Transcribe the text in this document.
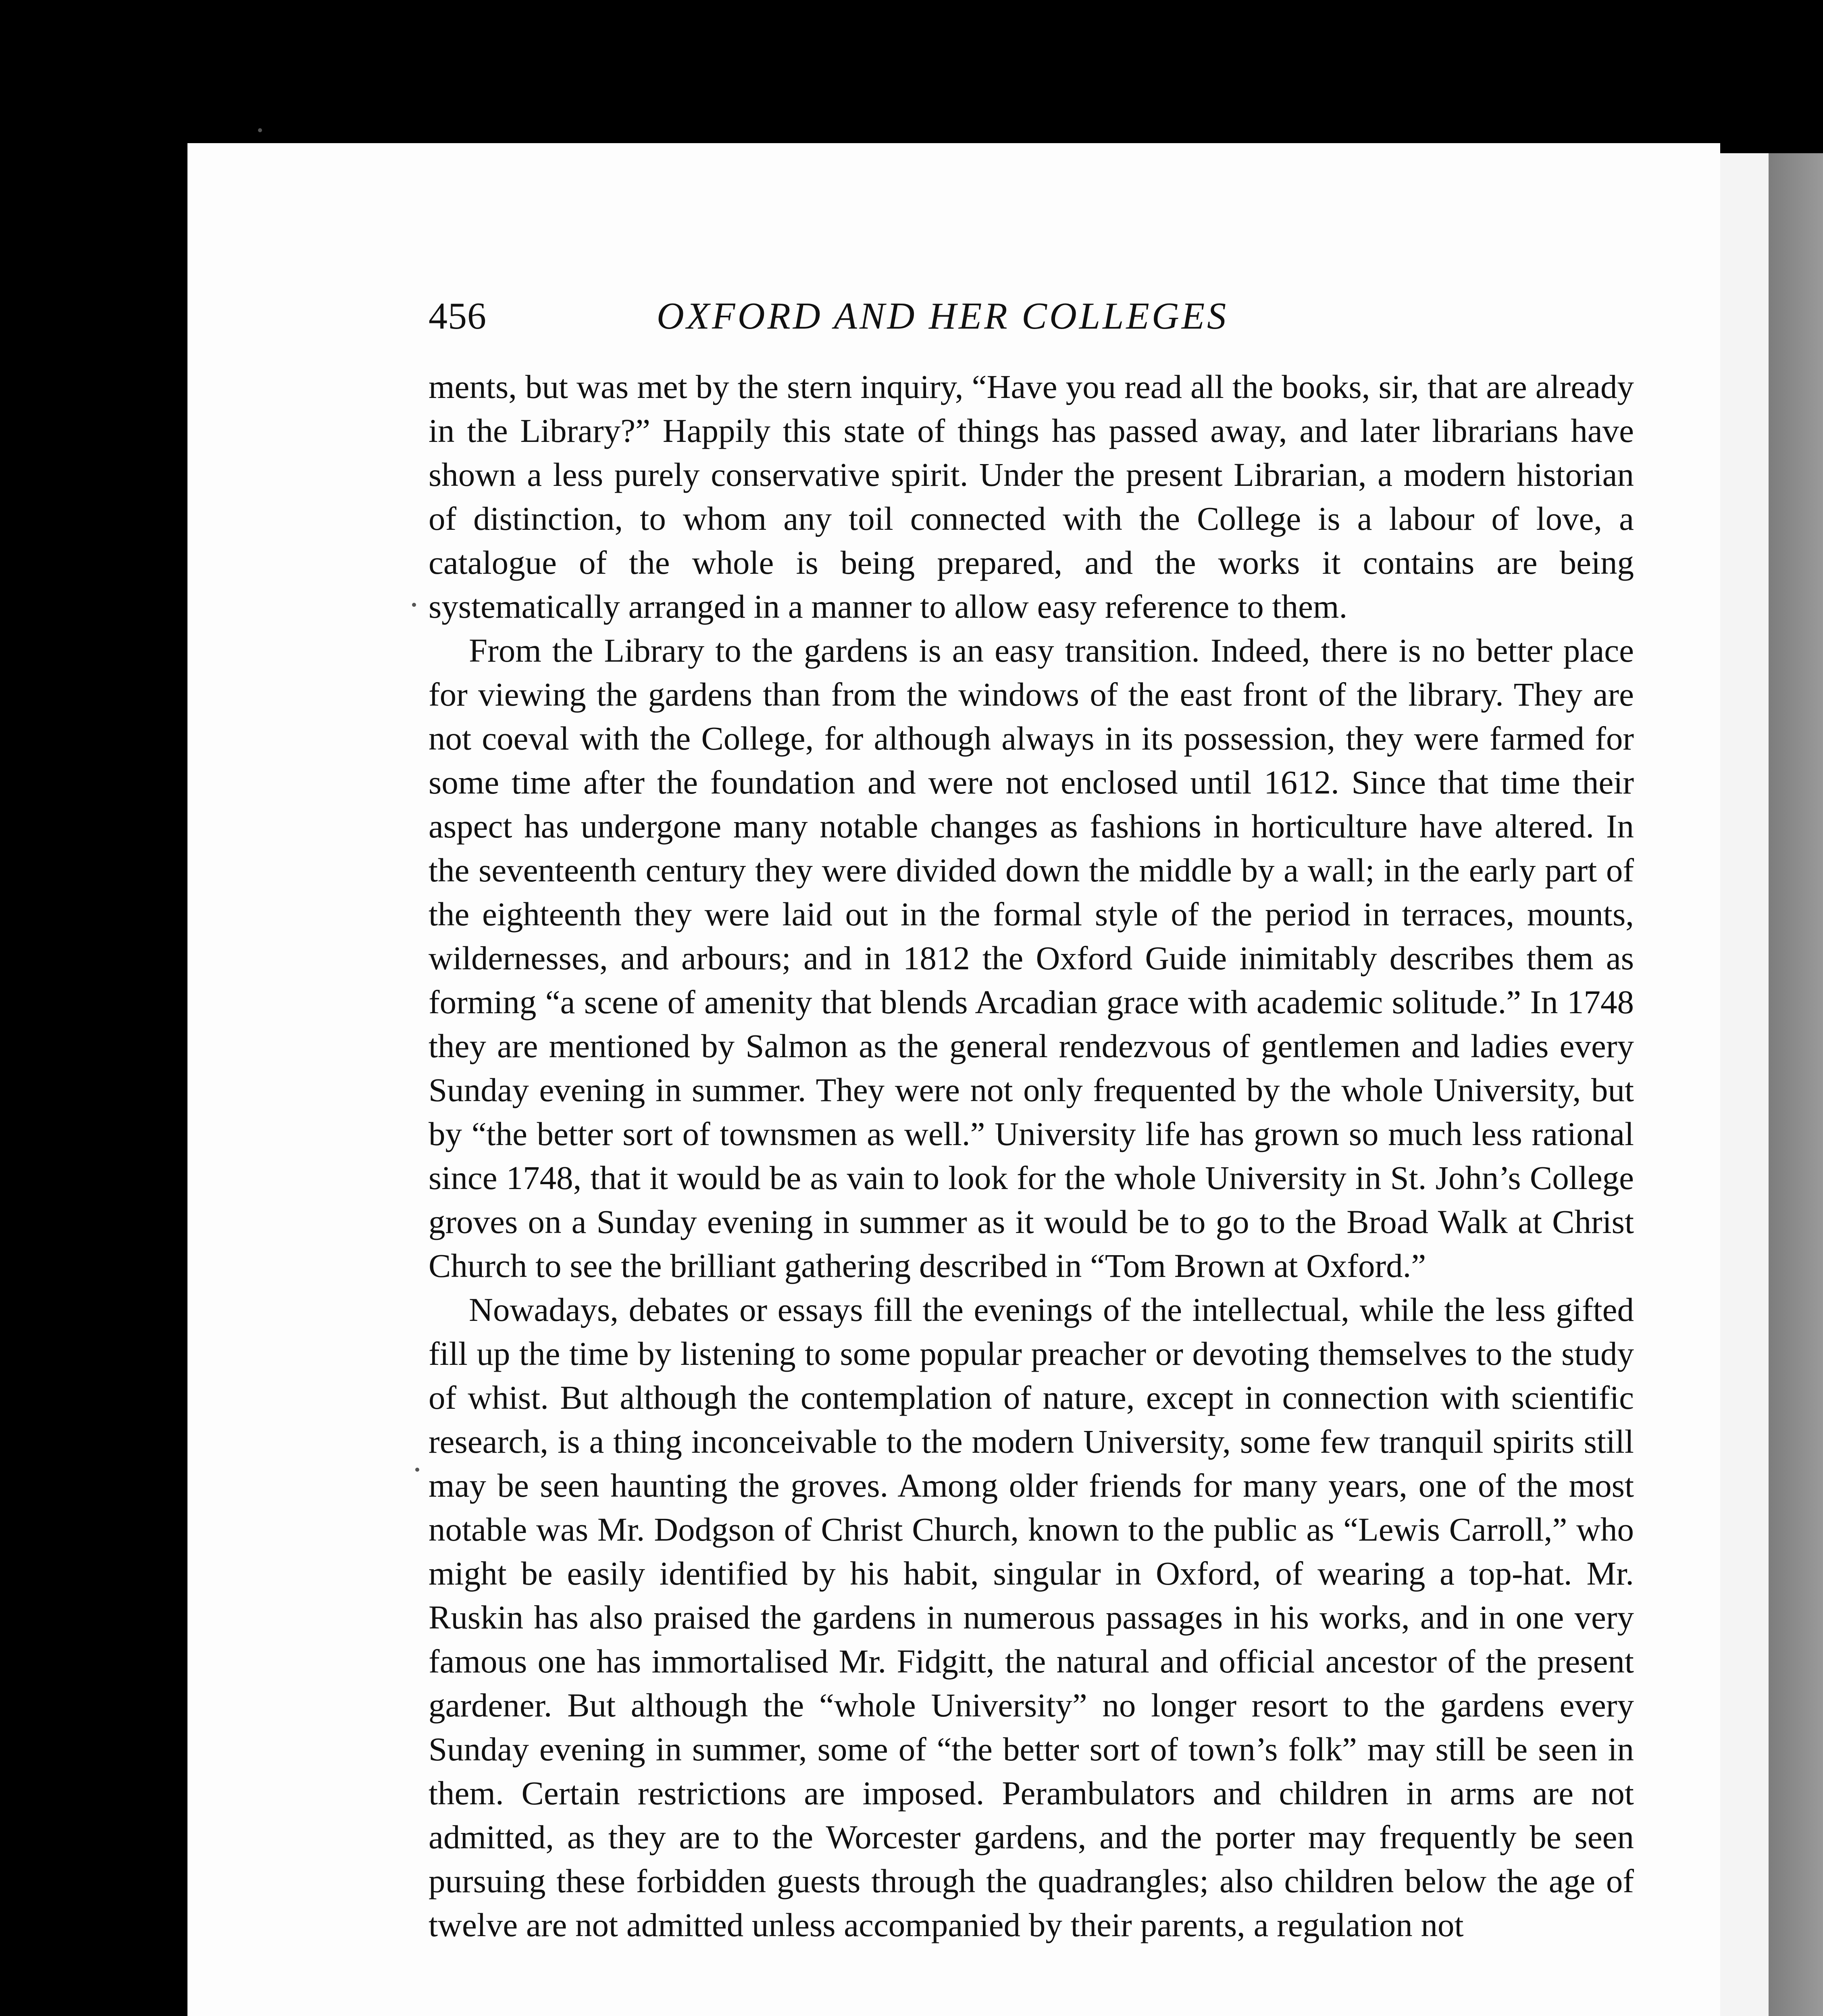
456	OXFORD AND HER COLLEGES

ments, but was met by the stern inquiry, “Have you read all the books, sir, that are already in the Library?” Happily this state of things has passed away, and later librarians have shown a less purely conservative spirit. Under the present Librarian, a modern historian of distinction, to whom any toil connected with the College is a labour of love, a catalogue of the whole is being prepared, and the works it contains are being systematically arranged in a manner to allow easy reference to them.

From the Library to the gardens is an easy transition. Indeed, there is no better place for viewing the gardens than from the windows of the east front of the library. They are not coeval with the College, for although always in its possession, they were farmed for some time after the foundation and were not enclosed until 1612. Since that time their aspect has undergone many notable changes as fashions in horticulture have altered. In the seventeenth century they were divided down the middle by a wall; in the early part of the eighteenth they were laid out in the formal style of the period in terraces, mounts, wildernesses, and arbours; and in 1812 the Oxford Guide inimitably describes them as forming “a scene of amenity that blends Arcadian grace with academic solitude.” In 1748 they are mentioned by Salmon as the general rendezvous of gentlemen and ladies every Sunday evening in summer. They were not only frequented by the whole University, but by “the better sort of townsmen as well.” University life has grown so much less rational since 1748, that it would be as vain to look for the whole University in St. John’s College groves on a Sunday evening in summer as it would be to go to the Broad Walk at Christ Church to see the brilliant gathering described in “Tom Brown at Oxford.”

Nowadays, debates or essays fill the evenings of the intellectual, while the less gifted fill up the time by listening to some popular preacher or devoting themselves to the study of whist. But although the contemplation of nature, except in connection with scientific research, is a thing inconceivable to the modern University, some few tranquil spirits still may be seen haunting the groves. Among older friends for many years, one of the most notable was Mr. Dodgson of Christ Church, known to the public as “Lewis Carroll,” who might be easily identified by his habit, singular in Oxford, of wearing a top-hat. Mr. Ruskin has also praised the gardens in numerous passages in his works, and in one very famous one has immortalised Mr. Fidgitt, the natural and official ancestor of the present gardener. But although the “whole University” no longer resort to the gardens every Sunday evening in summer, some of “the better sort of town’s folk” may still be seen in them. Certain restrictions are imposed. Perambulators and children in arms are not admitted, as they are to the Worcester gardens, and the porter may frequently be seen pursuing these forbidden guests through the quadrangles; also children below the age of twelve are not admitted unless accompanied by their parents, a regulation not
